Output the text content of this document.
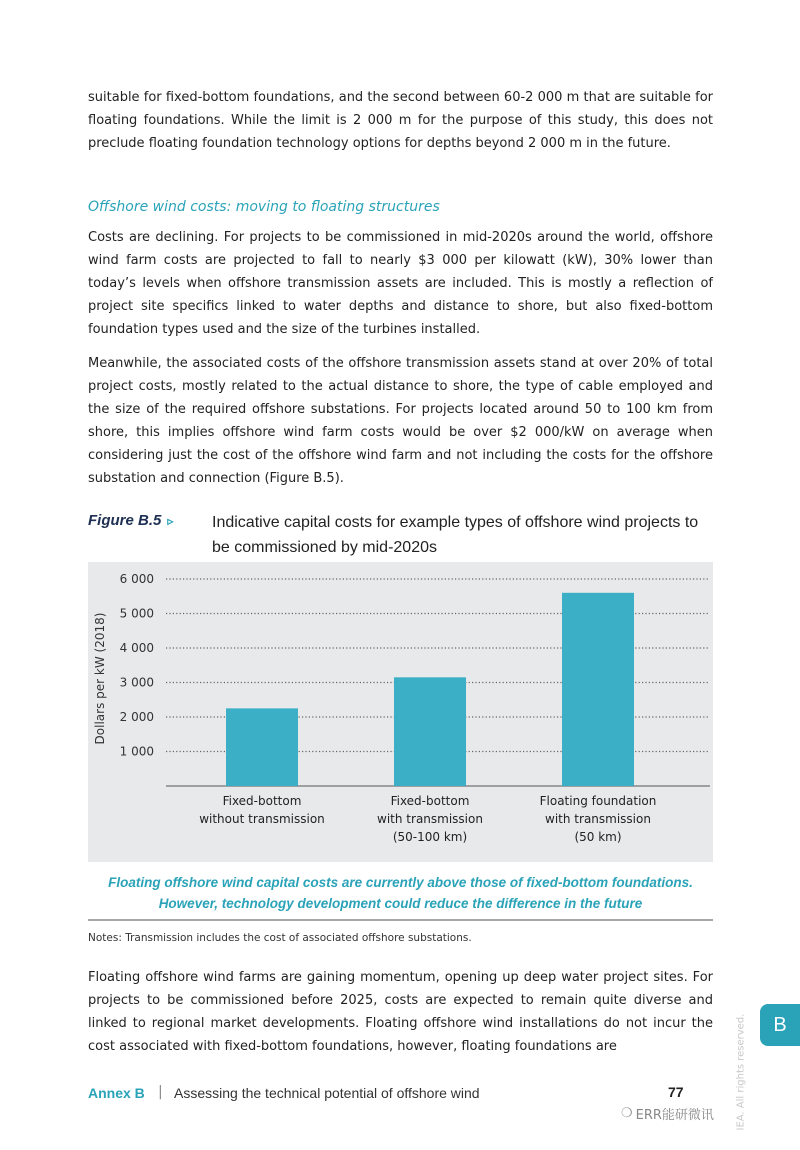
suitable for fixed-bottom foundations, and the second between 60-2 000 m that are suitable for floating foundations. While the limit is 2 000 m for the purpose of this study, this does not preclude floating foundation technology options for depths beyond 2 000 m in the future.

Offshore wind costs: moving to floating structures

Costs are declining. For projects to be commissioned in mid-2020s around the world, offshore wind farm costs are projected to fall to nearly $3 000 per kilowatt (kW), 30% lower than today’s levels when offshore transmission assets are included. This is mostly a reflection of project site specifics linked to water depths and distance to shore, but also fixed-bottom foundation types used and the size of the turbines installed.

Meanwhile, the associated costs of the offshore transmission assets stand at over 20% of total project costs, mostly related to the actual distance to shore, the type of cable employed and the size of the required offshore substations. For projects located around 50 to 100 km from shore, this implies offshore wind farm costs would be over $2 000/kW on average when considering just the cost of the offshore wind farm and not including the costs for the offshore substation and connection (Figure B.5).

Figure B.5 ▹ Indicative capital costs for example types of offshore wind projects to be commissioned by mid-2020s
1 000
2 000
3 000
4 000
5 000
6 000
Fixed-bottom
without transmission
Fixed-bottom
with transmission
(50-100 km)
Floating foundation
with transmission
(50 km)
Dollars per kW (2018)
Floating offshore wind capital costs are currently above those of fixed-bottom foundations.
However, technology development could reduce the difference in the future
Notes: Transmission includes the cost of associated offshore substations.

Floating offshore wind farms are gaining momentum, opening up deep water project sites. For projects to be commissioned before 2025, costs are expected to remain quite diverse and linked to regional market developments. Floating offshore wind installations do not incur the cost associated with fixed-bottom foundations, however, floating foundations are

Annex B | Assessing the technical potential of offshore wind	77
B
IEA. All rights reserved.
❍ ERR能研微讯
